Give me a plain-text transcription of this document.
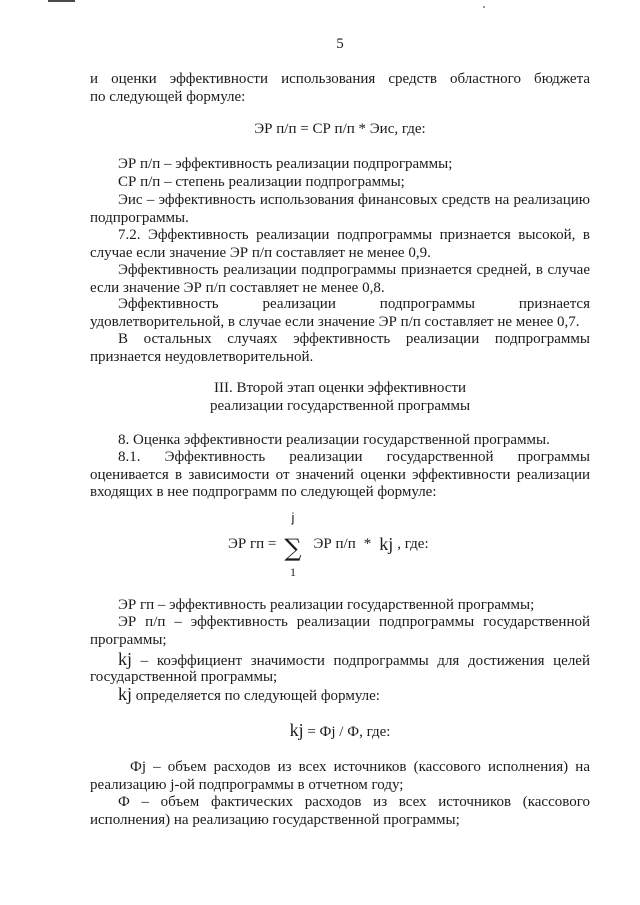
5
и оценки эффективности использования средств областного бюджета
по следующей формуле:
ЭР п/п = СР п/п * Эис, где:
ЭР п/п – эффективность реализации подпрограммы;
СР п/п – степень реализации подпрограммы;
Эис – эффективность использования финансовых средств на реализацию
подпрограммы.
7.2. Эффективность реализации подпрограммы признается высокой, в
случае если значение ЭР п/п составляет не менее 0,9.
Эффективность реализации подпрограммы признается средней, в случае
если значение ЭР п/п составляет не менее 0,8.
Эффективность реализации подпрограммы признается
удовлетворительной, в случае если значение ЭР п/п составляет не менее 0,7.
В остальных случаях эффективность реализации подпрограммы
признается неудовлетворительной.
III. Второй этап оценки эффективности
реализации государственной программы
8. Оценка эффективности реализации государственной программы.
8.1. Эффективность реализации государственной программы
оценивается в зависимости от значений оценки эффективности реализации
входящих в нее подпрограмм по следующей формуле:
ЭР гп =
j
∑
1
ЭР п/п * kj , где:
ЭР гп – эффективность реализации государственной программы;
ЭР п/п – эффективность реализации подпрограммы государственной
программы;
kj – коэффициент значимости подпрограммы для достижения целей
государственной программы;
kj определяется по следующей формуле:
kj = Фj / Ф, где:
Фj – объем расходов из всех источников (кассового исполнения) на
реализацию j-ой подпрограммы в отчетном году;
Ф – объем фактических расходов из всех источников (кассового
исполнения) на реализацию государственной программы;
